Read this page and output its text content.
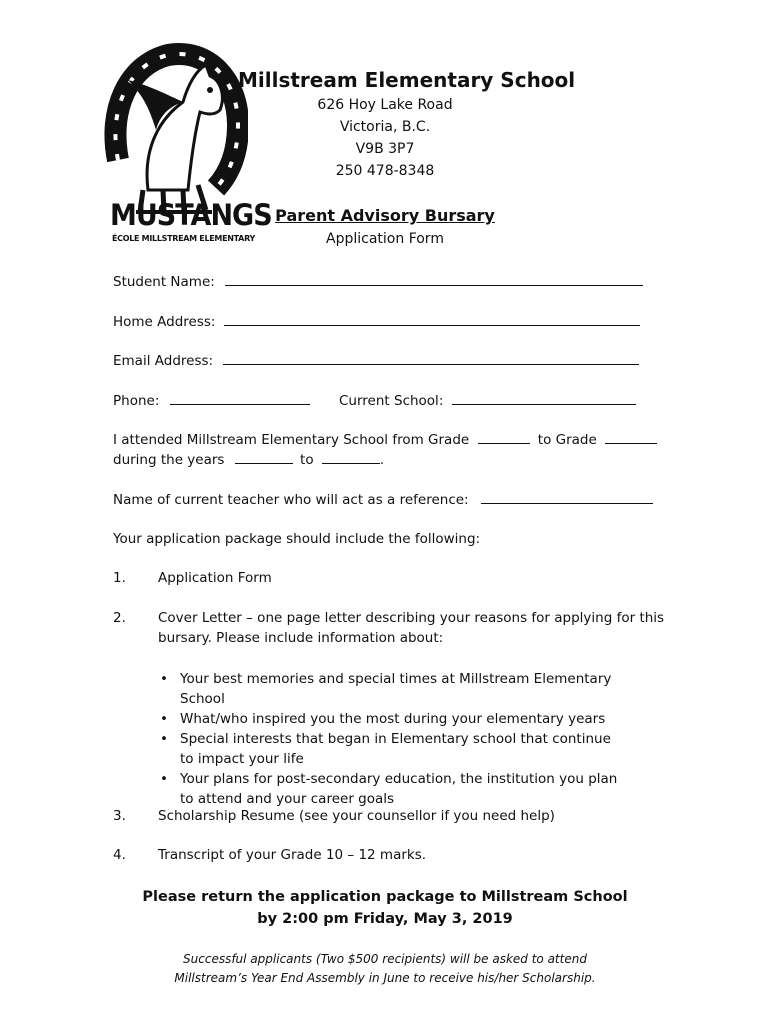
MUSTANGS
ÉCOLE MILLSTREAM ELEMENTARY
Millstream Elementary School
626 Hoy Lake Road
Victoria, B.C.
V9B 3P7
250 478-8348
Parent Advisory Bursary
Application Form
Student Name:
Home Address:
Email Address:
Phone:	Current School:
I attended Millstream Elementary School from Grade	to Grade
during the years	to	.
Name of current teacher who will act as a reference:
Your application package should include the following:
1. Application Form
2. Cover Letter – one page letter describing your reasons for applying for this
bursary. Please include information about:
• Your best memories and special times at Millstream Elementary School
• What/who inspired you the most during your elementary years
• Special interests that began in Elementary school that continue to impact your life
• Your plans for post-secondary education, the institution you plan to attend and your career goals
3. Scholarship Resume (see your counsellor if you need help)
4. Transcript of your Grade 10 – 12 marks.
Please return the application package to Millstream School
by 2:00 pm Friday, May 3, 2019
Successful applicants (Two $500 recipients) will be asked to attend
Millstream’s Year End Assembly in June to receive his/her Scholarship.
